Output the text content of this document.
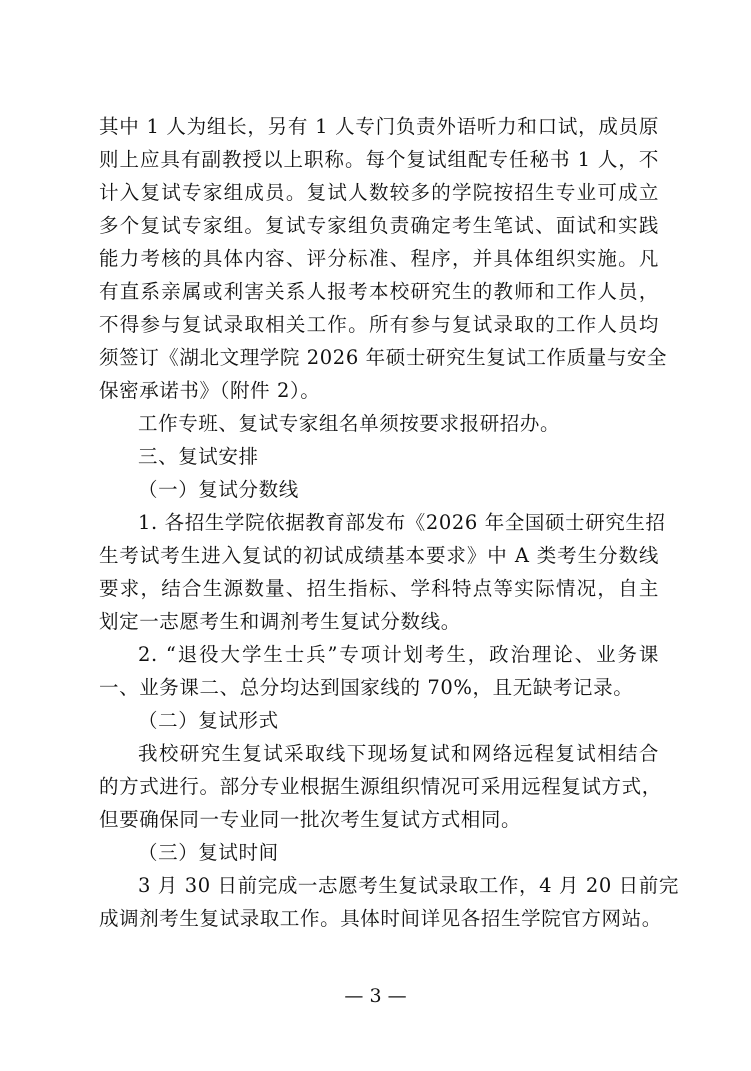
其中 1 人为组长，另有 1 人专门负责外语听力和口试，成员原
则上应具有副教授以上职称。每个复试组配专任秘书 1 人，不
计入复试专家组成员。复试人数较多的学院按招生专业可成立
多个复试专家组。复试专家组负责确定考生笔试、面试和实践
能力考核的具体内容、评分标准、程序，并具体组织实施。凡
有直系亲属或利害关系人报考本校研究生的教师和工作人员，
不得参与复试录取相关工作。所有参与复试录取的工作人员均
须签订《湖北文理学院 2026 年硕士研究生复试工作质量与安全
保密承诺书》（附件 2）。
工作专班、复试专家组名单须按要求报研招办。
三、复试安排
（一）复试分数线
1. 各招生学院依据教育部发布《2026 年全国硕士研究生招
生考试考生进入复试的初试成绩基本要求》中 A 类考生分数线
要求，结合生源数量、招生指标、学科特点等实际情况，自主
划定一志愿考生和调剂考生复试分数线。
2. “退役大学生士兵”专项计划考生，政治理论、业务课
一、业务课二、总分均达到国家线的 70%，且无缺考记录。
（二）复试形式
我校研究生复试采取线下现场复试和网络远程复试相结合
的方式进行。部分专业根据生源组织情况可采用远程复试方式，
但要确保同一专业同一批次考生复试方式相同。
（三）复试时间
3 月 30 日前完成一志愿考生复试录取工作，4 月 20 日前完
成调剂考生复试录取工作。具体时间详见各招生学院官方网站。
— 3 —
